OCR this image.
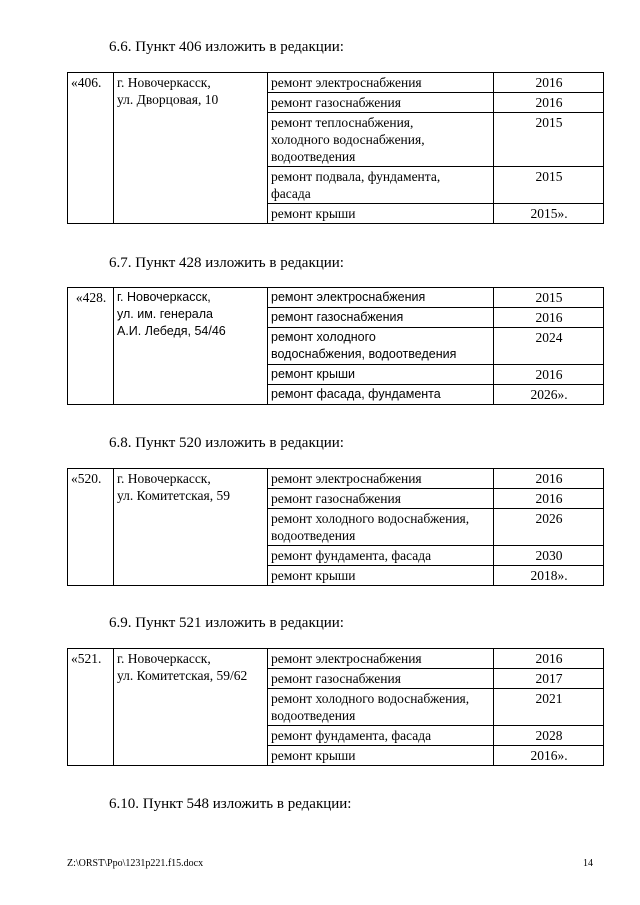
6.6. Пункт 406 изложить в редакции:
«406.	г. Новочеркасск,
ул. Дворцовая, 10	ремонт электроснабжения	2016
		ремонт газоснабжения	2016

		ремонт теплоснабжения,
холодного водоснабжения,
водоотведения	2015

		ремонт подвала, фундамента,
фасада	2015
		ремонт крыши	2015».
6.7. Пункт 428 изложить в редакции:
«428.	г. Новочеркасск,
ул. им. генерала
А.И. Лебедя, 54/46	ремонт электроснабжения	2015
		ремонт газоснабжения	2016

		ремонт холодного
водоснабжения, водоотведения	2024
		ремонт крыши	2016
		ремонт фасада, фундамента	2026».
6.8. Пункт 520 изложить в редакции:
«520.	г. Новочеркасск,
ул. Комитетская, 59	ремонт электроснабжения	2016
		ремонт газоснабжения	2016

		ремонт холодного водоснабжения,
водоотведения	2026
		ремонт фундамента, фасада	2030
		ремонт крыши	2018».
6.9. Пункт 521 изложить в редакции:
«521.	г. Новочеркасск,
ул. Комитетская, 59/62	ремонт электроснабжения	2016
		ремонт газоснабжения	2017

		ремонт холодного водоснабжения,
водоотведения	2021
		ремонт фундамента, фасада	2028
		ремонт крыши	2016».
6.10. Пункт 548 изложить в редакции:
Z:\ORST\Ppo\1231p221.f15.docx	14
